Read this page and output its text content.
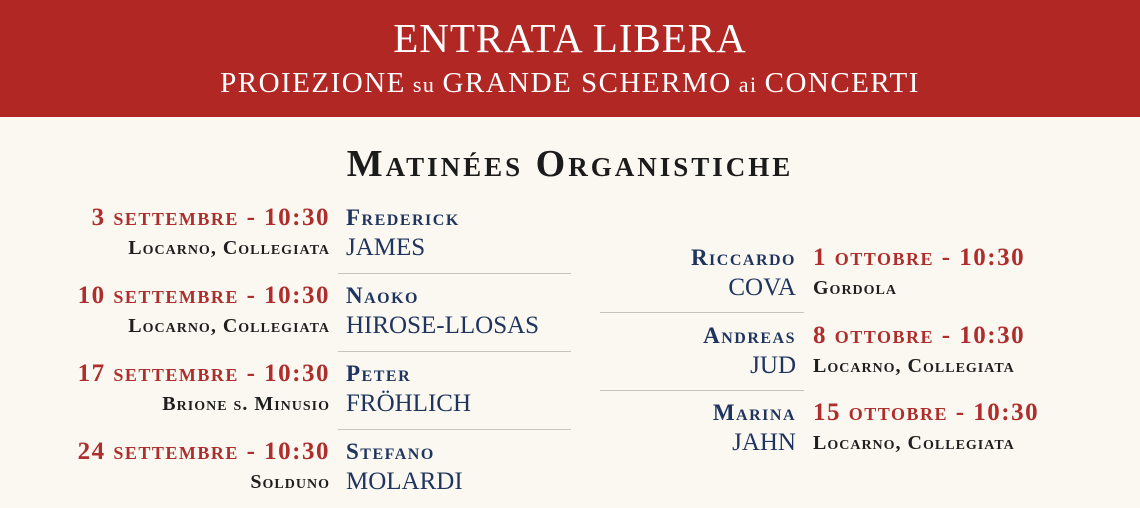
ENTRATA LIBERA
PROIEZIONE su GRANDE SCHERMO ai CONCERTI
Matinées Organistiche
3 settembre - 10:30
Locarno, Collegiata
Frederick
JAMES
10 settembre - 10:30
Locarno, Collegiata
Naoko
HIROSE-LLOSAS
17 settembre - 10:30
Brione s. Minusio
Peter
FRÖHLICH
24 settembre - 10:30
Solduno
Stefano
MOLARDI
Riccardo
COVA
1 ottobre - 10:30
Gordola
Andreas
JUD
8 ottobre - 10:30
Locarno, Collegiata
Marina
JAHN
15 ottobre - 10:30
Locarno, Collegiata
